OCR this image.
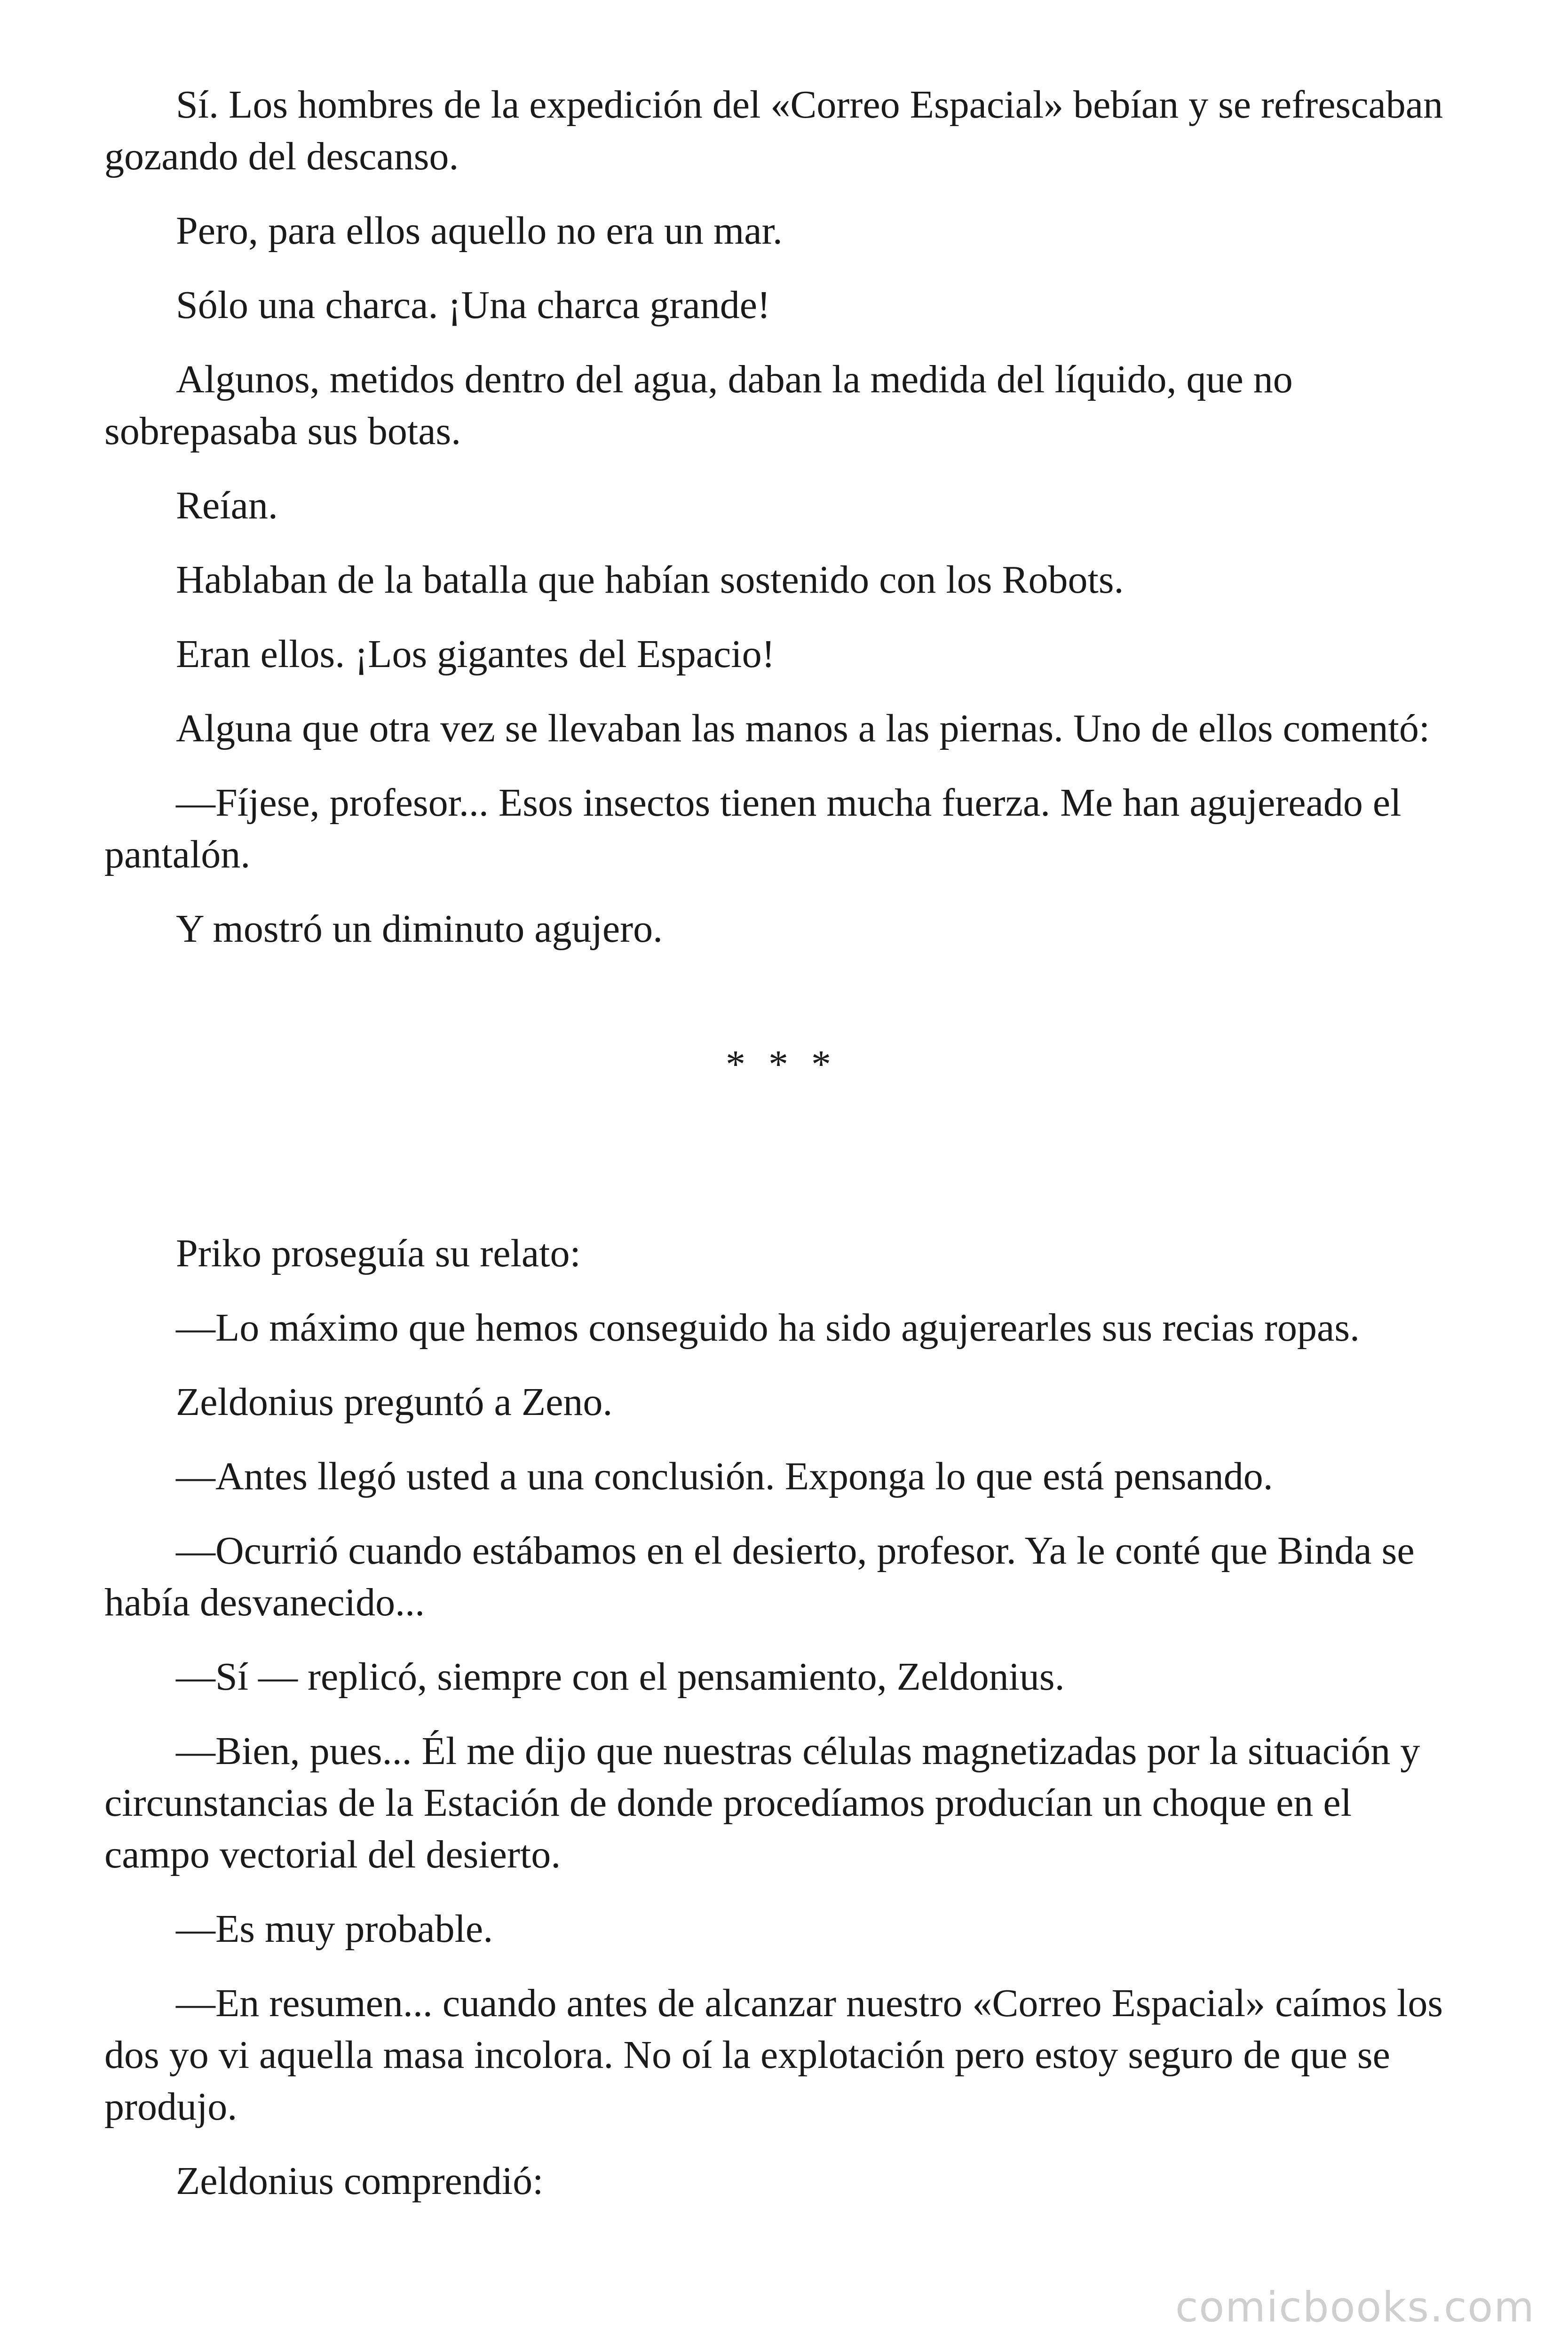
Sí. Los hombres de la expedición del «Correo Espacial» bebían y se refrescaban gozando del descanso.

Pero, para ellos aquello no era un mar.

Sólo una charca. ¡Una charca grande!

Algunos, metidos dentro del agua, daban la medida del líquido, que no sobrepasaba sus botas.

Reían.

Hablaban de la batalla que habían sostenido con los Robots.

Eran ellos. ¡Los gigantes del Espacio!

Alguna que otra vez se llevaban las manos a las piernas. Uno de ellos comentó:

—Fíjese, profesor... Esos insectos tienen mucha fuerza. Me han agujereado el pantalón.

Y mostró un diminuto agujero.

* * *

Priko proseguía su relato:

—Lo máximo que hemos conseguido ha sido agujerearles sus recias ropas.

Zeldonius preguntó a Zeno.

—Antes llegó usted a una conclusión. Exponga lo que está pensando.

—Ocurrió cuando estábamos en el desierto, profesor. Ya le conté que Binda se había desvanecido...

—Sí — replicó, siempre con el pensamiento, Zeldonius.

—Bien, pues... Él me dijo que nuestras células magnetizadas por la situación y circunstancias de la Estación de donde procedíamos producían un choque en el campo vectorial del desierto.

—Es muy probable.

—En resumen... cuando antes de alcanzar nuestro «Correo Espacial» caímos los dos yo vi aquella masa incolora. No oí la explotación pero estoy seguro de que se produjo.

Zeldonius comprendió:

comicbooks.com
